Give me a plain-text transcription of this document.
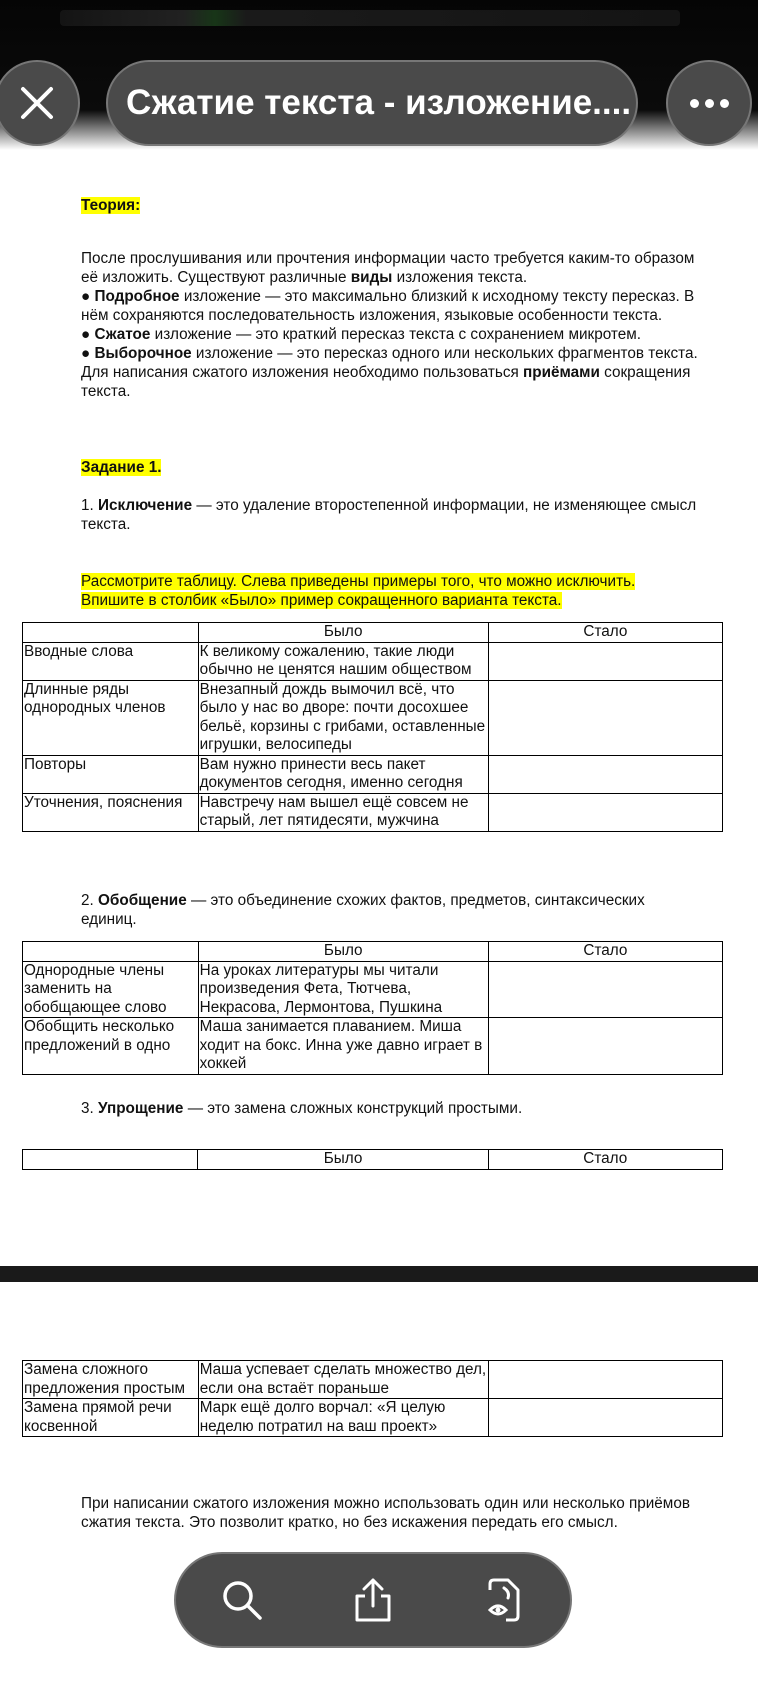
Теория:
После прослушивания или прочтения информации часто требуется каким-то образом её изложить. Существуют различные виды изложения текста.
● Подробное изложение — это максимально близкий к исходному тексту пересказ. В нём сохраняются последовательность изложения, языковые особенности текста.
● Сжатое изложение — это краткий пересказ текста с сохранением микротем.
● Выборочное изложение — это пересказ одного или нескольких фрагментов текста.
Для написания сжатого изложения необходимо пользоваться приёмами сокращения текста.
Задание 1.
1. Исключение — это удаление второстепенной информации, не изменяющее смысл
текста.
Рассмотрите таблицу. Слева приведены примеры того, что можно исключить. Впишите в столбик «Было» пример сокращенного варианта текста.
	Было	Стало
Вводные слова	К великому сожалению, такие люди обычно не ценятся нашим обществом	
Длинные ряды однородных членов	Внезапный дождь вымочил всё, что было у нас во дворе: почти досохшее бельё, корзины с грибами, оставленные игрушки, велосипеды	
Повторы	Вам нужно принести весь пакет документов сегодня, именно сегодня	
Уточнения, пояснения	Навстречу нам вышел ещё совсем не старый, лет пятидесяти, мужчина	
2. Обобщение — это объединение схожих фактов, предметов, синтаксических единиц.
	Было	Стало
Однородные члены заменить на обобщающее слово	На уроках литературы мы читали произведения Фета, Тютчева, Некрасова, Лермонтова, Пушкина	
Обобщить несколько предложений в одно	Маша занимается плаванием. Миша ходит на бокс. Инна уже давно играет в хоккей	
3. Упрощение — это замена сложных конструкций простыми.
	Было	Стало
Замена сложного предложения простым	Маша успевает сделать множество дел, если она встаёт пораньше	
Замена прямой речи косвенной	Марк ещё долго ворчал: «Я целую неделю потратил на ваш проект»	
При написании сжатого изложения можно использовать один или несколько приёмов сжатия текста. Это позволит кратко, но без искажения передать его смысл.
Сжатие текста - изложение....
